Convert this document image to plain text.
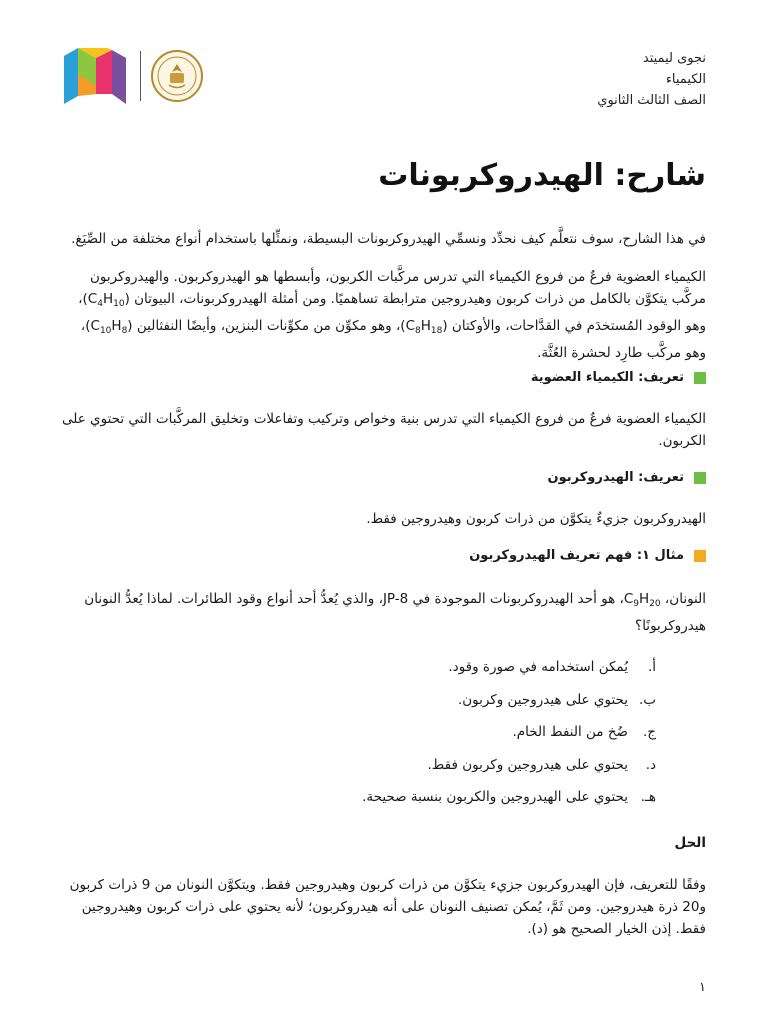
نجوى ليميتد
الكيمياء
الصف الثالث الثانوي
شارح: الهيدروكربونات
في هذا الشارح، سوف نتعلَّم كيف نحدِّد ونسمِّي الهيدروكربونات البسيطة، ونمثِّلها باستخدام أنواع مختلفة من الصِّيَغ.
الكيمياء العضوية فرعٌ من فروع الكيمياء التي تدرس مركَّبات الكربون، وأبسطها هو الهيدروكربون. والهيدروكربون مركَّب يتكوَّن بالكامل من ذرات كربون وهيدروجين مترابطة تساهميًا. ومن أمثلة الهيدروكربونات، البيوتان $(C_4H_{10})،$ وهو الوقود المُستخدَم في القدَّاحات، والأوكتان $(C_8H_{18})،$ وهو مكوِّن من مكوِّنات البنزين، وأيضًا النفثالين $(C_{10}H_8)،$ وهو مركَّب طارِد لحشرة العُثَّة.
تعريف: الكيمياء العضوية
الكيمياء العضوية فرعٌ من فروع الكيمياء التي تدرس بنية وخواص وتركيب وتفاعلات وتخليق المركَّبات التي تحتوي على الكربون.
تعريف: الهيدروكربون
الهيدروكربون جزيءٌ يتكوَّن من ذرات كربون وهيدروجين فقط.
مثال ١: فهم تعريف الهيدروكربون
النونان، $C_9H_{20}،$ هو أحد الهيدروكربونات الموجودة في JP-8، والذي يُعدُّ أحد أنواع وقود الطائرات. لماذا يُعدُّ النونان هيدروكربونًا؟
أ.
يُمكن استخدامه في صورة وقود.
ب.
يحتوي على هيدروجين وكربون.
ج.
ضُخ من النفط الخام.
د.
يحتوي على هيدروجين وكربون فقط.
هـ.
يحتوي على الهيدروجين والكربون بنسبة صحيحة.
الحل
وفقًا للتعريف، فإن الهيدروكربون جزيء يتكوَّن من ذرات كربون وهيدروجين فقط. ويتكوَّن النونان من 9 ذرات كربون و20 ذرة هيدروجين. ومن ثَمَّ، يُمكن تصنيف النونان على أنه هيدروكربون؛ لأنه يحتوي على ذرات كربون وهيدروجين فقط. إذن الخيار الصحيح هو (د).
١
